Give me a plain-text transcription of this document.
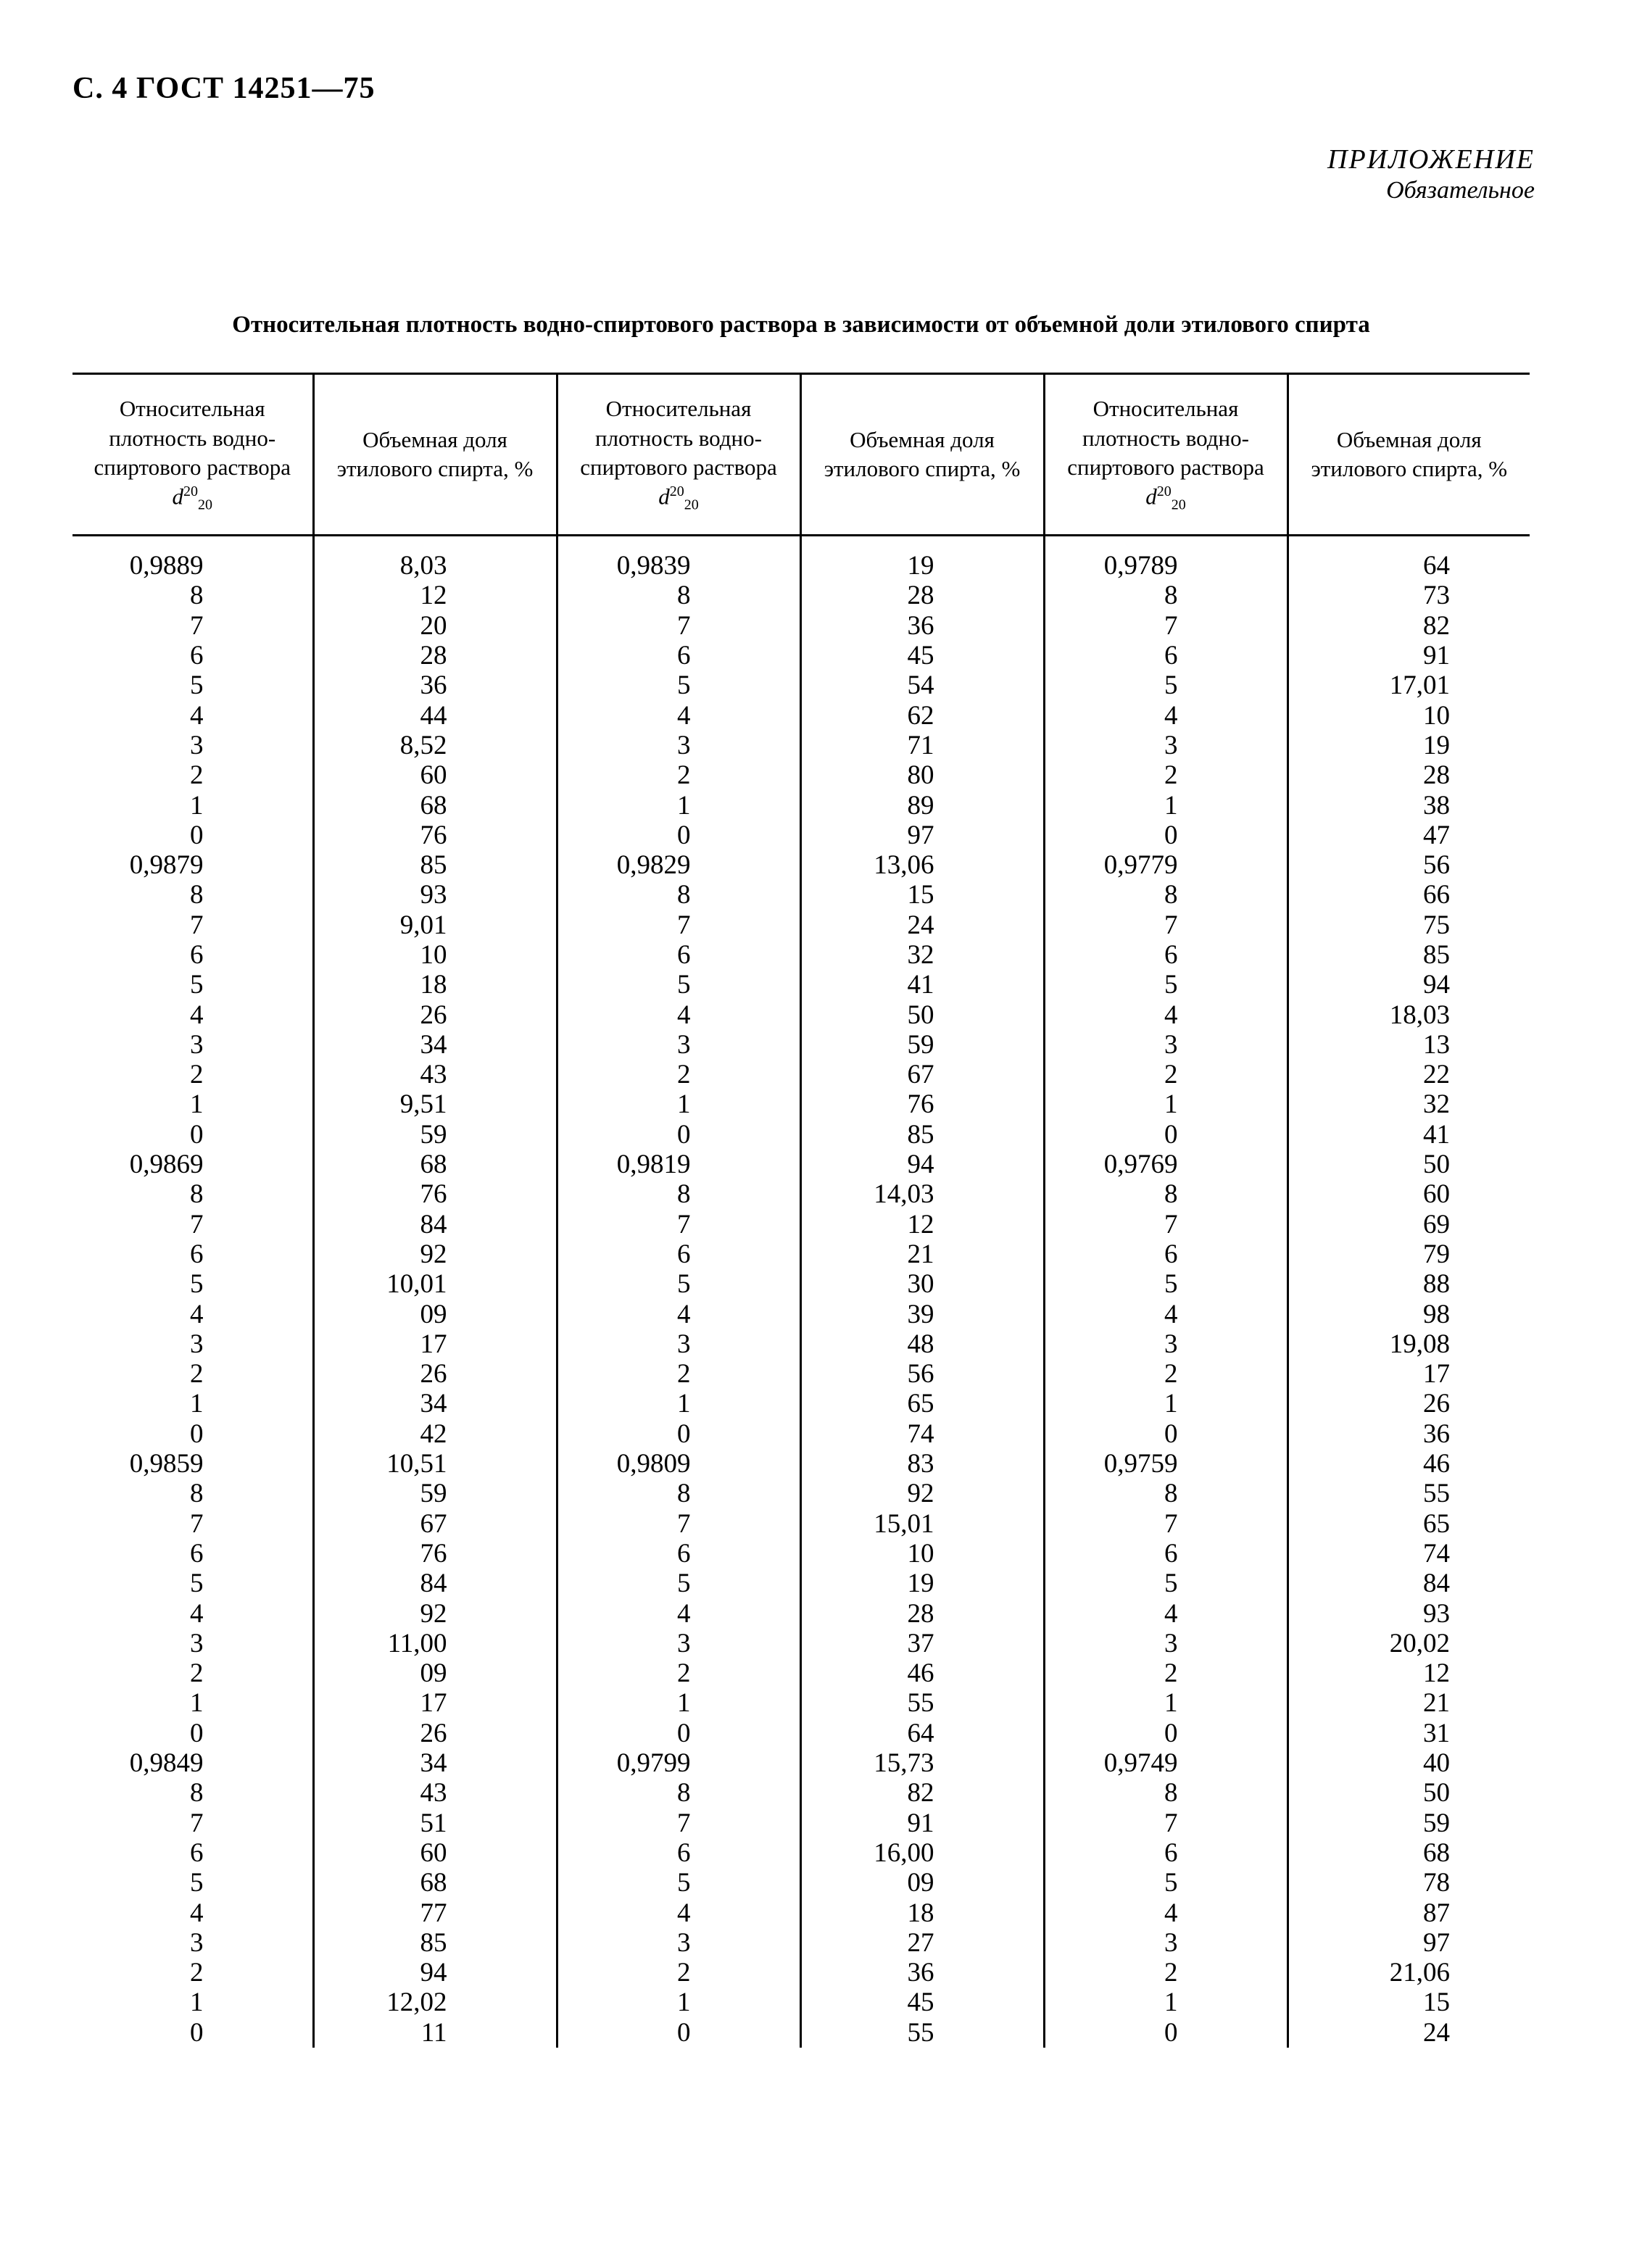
С. 4 ГОСТ 14251—75
ПРИЛОЖЕНИЕ
Обязательное
Относительная плотность водно-спиртового раствора в зависимости от объемной доли этилового спирта
Относительная плотность водно-спиртового раствора $d^{20}_{20}$	Объемная доля этилового спирта, %	Относительная плотность водно-спиртового раствора $d^{20}_{20}$	Объемная доля этилового спирта, %	Относительная плотность водно-спиртового раствора $d^{20}_{20}$	Объемная доля этилового спирта, %
0,9889	8,03	0,9839	19	0,9789	64
8	12	8	28	8	73
7	20	7	36	7	82
6	28	6	45	6	91
5	36	5	54	5	17,01
4	44	4	62	4	10
3	8,52	3	71	3	19
2	60	2	80	2	28
1	68	1	89	1	38
0	76	0	97	0	47
0,9879	85	0,9829	13,06	0,9779	56
8	93	8	15	8	66
7	9,01	7	24	7	75
6	10	6	32	6	85
5	18	5	41	5	94
4	26	4	50	4	18,03
3	34	3	59	3	13
2	43	2	67	2	22
1	9,51	1	76	1	32
0	59	0	85	0	41
0,9869	68	0,9819	94	0,9769	50
8	76	8	14,03	8	60
7	84	7	12	7	69
6	92	6	21	6	79
5	10,01	5	30	5	88
4	09	4	39	4	98
3	17	3	48	3	19,08
2	26	2	56	2	17
1	34	1	65	1	26
0	42	0	74	0	36
0,9859	10,51	0,9809	83	0,9759	46
8	59	8	92	8	55
7	67	7	15,01	7	65
6	76	6	10	6	74
5	84	5	19	5	84
4	92	4	28	4	93
3	11,00	3	37	3	20,02
2	09	2	46	2	12
1	17	1	55	1	21
0	26	0	64	0	31
0,9849	34	0,9799	15,73	0,9749	40
8	43	8	82	8	50
7	51	7	91	7	59
6	60	6	16,00	6	68
5	68	5	09	5	78
4	77	4	18	4	87
3	85	3	27	3	97
2	94	2	36	2	21,06
1	12,02	1	45	1	15
0	11	0	55	0	24
